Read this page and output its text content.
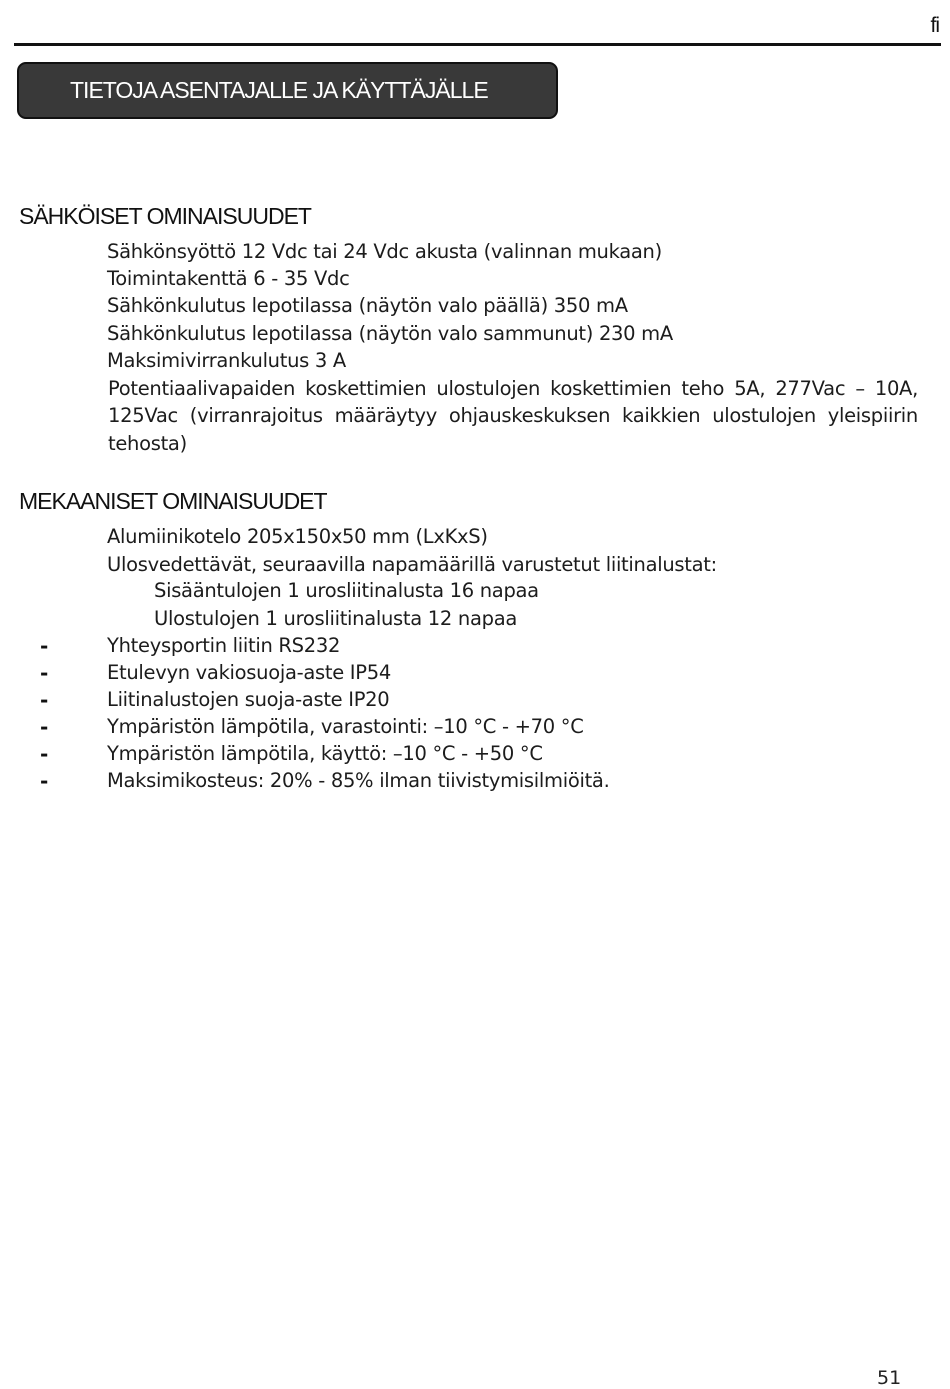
fi
TIETOJA ASENTAJALLE JA KÄYTTÄJÄLLE
SÄHKÖISET OMINAISUUDET
Sähkönsyöttö 12 Vdc tai 24 Vdc akusta (valinnan mukaan)
Toimintakenttä 6 - 35 Vdc
Sähkönkulutus lepotilassa (näytön valo päällä) 350 mA
Sähkönkulutus lepotilassa (näytön valo sammunut) 230 mA
Maksimivirrankulutus 3 A
Potentiaalivapaiden koskettimien ulostulojen koskettimien teho 5A, 277Vac – 10A, 125Vac (virranrajoitus määräytyy ohjauskeskuksen kaikkien ulostulojen yleispiirin tehosta)
MEKAANISET OMINAISUUDET
Alumiinikotelo 205x150x50 mm (LxKxS)
Ulosvedettävät, seuraavilla napamäärillä varustetut liitinalustat:
Sisääntulojen 1 urosliitinalusta 16 napaa
Ulostulojen 1 urosliitinalusta 12 napaa
-	Yhteysportin liitin RS232
-	Etulevyn vakiosuoja-aste IP54
-	Liitinalustojen suoja-aste IP20
-	Ympäristön lämpötila, varastointi: –10 °C - +70 °C
-	Ympäristön lämpötila, käyttö: –10 °C - +50 °C
-	Maksimikosteus: 20% - 85% ilman tiivistymisilmiöitä.
51
